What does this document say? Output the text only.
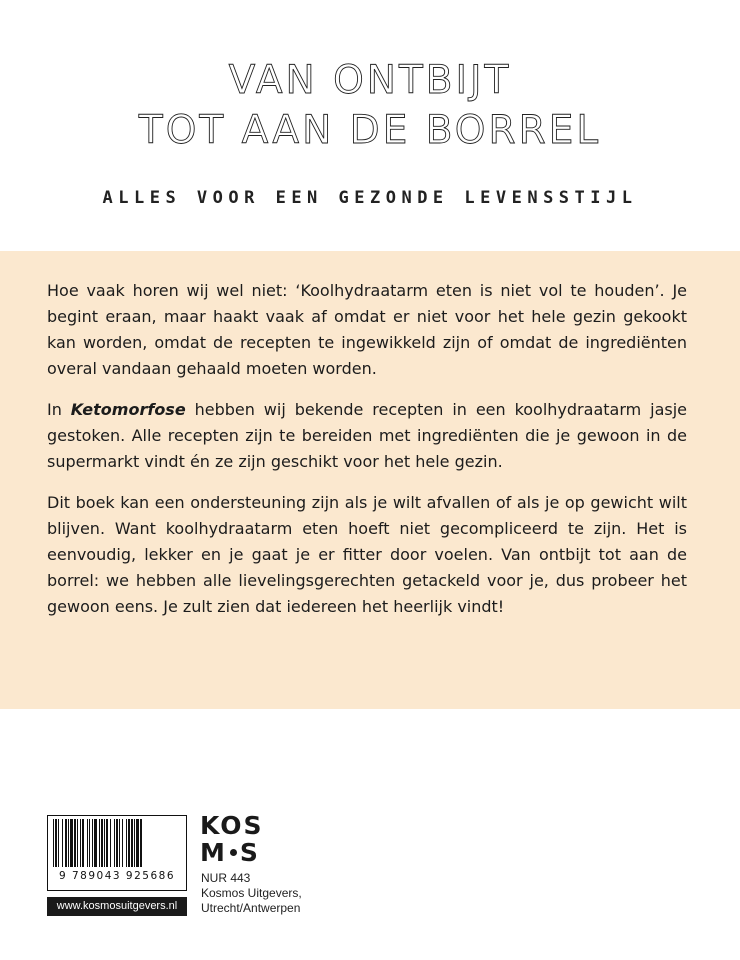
VAN ONTBIJT
TOT AAN DE BORREL
ALLES VOOR EEN GEZONDE LEVENSSTIJL

Hoe vaak horen wij wel niet: ‘Koolhydraatarm eten is niet vol te houden’. Je begint eraan, maar haakt vaak af omdat er niet voor het hele gezin gekookt kan worden, omdat de recepten te ingewikkeld zijn of omdat de ingrediënten overal vandaan gehaald moeten worden.

In Ketomorfose hebben wij bekende recepten in een koolhydraatarm jasje gestoken. Alle recepten zijn te bereiden met ingrediënten die je gewoon in de supermarkt vindt én ze zijn geschikt voor het hele gezin.

Dit boek kan een ondersteuning zijn als je wilt afvallen of als je op gewicht wilt blijven. Want koolhydraatarm eten hoeft niet gecompliceerd te zijn. Het is eenvoudig, lekker en je gaat je er fitter door voelen. Van ontbijt tot aan de borrel: we hebben alle lievelingsgerechten getackeld voor je, dus probeer het gewoon eens. Je zult zien dat iedereen het heerlijk vindt!

9 789043 925686
www.kosmosuitgevers.nl
KOS
M S
NUR 443
Kosmos Uitgevers,
Utrecht/Antwerpen
